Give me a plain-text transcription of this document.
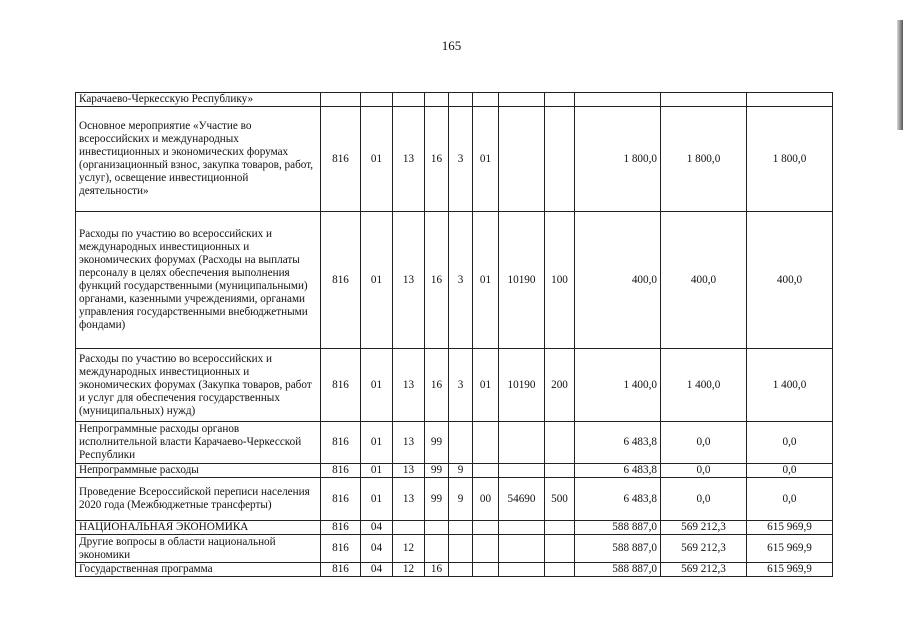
165
Карачаево-Черкесскую Республику»											
Основное мероприятие «Участие во всероссийских и международных инвестиционных и экономических форумах (организационный взнос, закупка товаров, работ, услуг), освещение инвестиционной деятельности»	816	01	13	16	3	01			1 800,0	1 800,0	1 800,0
Расходы по участию во всероссийских и международных инвестиционных и экономических форумах (Расходы на выплаты персоналу в целях обеспечения выполнения функций государственными (муниципальными) органами, казенными учреждениями, органами управления государственными внебюджетными фондами)	816	01	13	16	3	01	10190	100	400,0	400,0	400,0
Расходы по участию во всероссийских и международных инвестиционных и экономических форумах (Закупка товаров, работ и услуг для обеспечения государственных (муниципальных) нужд)	816	01	13	16	3	01	10190	200	1 400,0	1 400,0	1 400,0
Непрограммные расходы органов исполнительной власти Карачаево-Черкесской Республики	816	01	13	99					6 483,8	0,0	0,0
Непрограммные расходы	816	01	13	99	9				6 483,8	0,0	0,0
Проведение Всероссийской переписи населения 2020 года (Межбюджетные трансферты)	816	01	13	99	9	00	54690	500	6 483,8	0,0	0,0
НАЦИОНАЛЬНАЯ ЭКОНОМИКА	816	04							588 887,0	569 212,3	615 969,9
Другие вопросы в области национальной экономики	816	04	12						588 887,0	569 212,3	615 969,9
Государственная программа	816	04	12	16					588 887,0	569 212,3	615 969,9
